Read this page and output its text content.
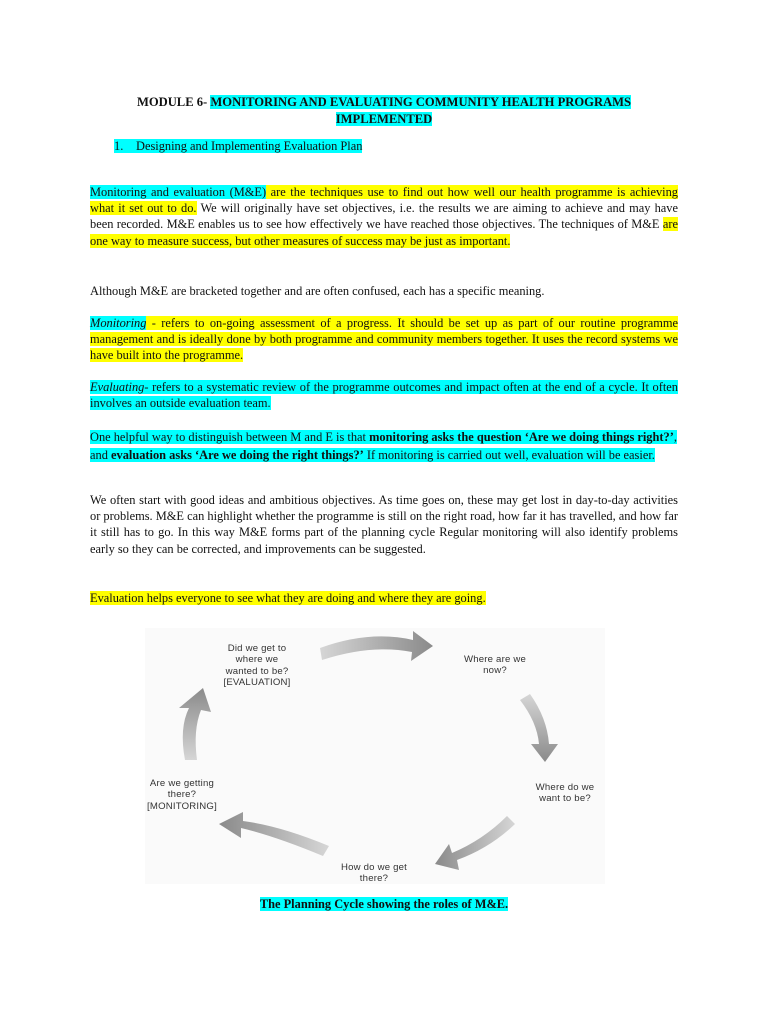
MODULE 6- MONITORING AND EVALUATING COMMUNITY HEALTH PROGRAMS
IMPLEMENTED
1. Designing and Implementing Evaluation Plan

Monitoring and evaluation (M&E) are the techniques use to find out how well our health programme is achieving what it set out to do. We will originally have set objectives, i.e. the results we are aiming to achieve and may have been recorded. M&E enables us to see how effectively we have reached those objectives. The techniques of M&E are one way to measure success, but other measures of success may be just as important.

Although M&E are bracketed together and are often confused, each has a specific meaning.

Monitoring - refers to on-going assessment of a progress. It should be set up as part of our routine programme management and is ideally done by both programme and community members together. It uses the record systems we have built into the programme.

Evaluating- refers to a systematic review of the programme outcomes and impact often at the end of a cycle. It often involves an outside evaluation team.

One helpful way to distinguish between M and E is that monitoring asks the question ‘Are we doing things right?’, and evaluation asks ‘Are we doing the right things?’ If monitoring is carried out well, evaluation will be easier.

We often start with good ideas and ambitious objectives. As time goes on, these may get lost in day-to-day activities or problems. M&E can highlight whether the programme is still on the right road, how far it has travelled, and how far it still has to go. In this way M&E forms part of the planning cycle Regular monitoring will also identify problems early so they can be corrected, and improvements can be suggested.

Evaluation helps everyone to see what they are doing and where they are going.

The Planning Cycle showing the roles of M&E.
Did we get to
where we
wanted to be?
[EVALUATION]
Where are we
now?
Where do we
want to be?
How do we get
there?
Are we getting
there?
[MONITORING]
